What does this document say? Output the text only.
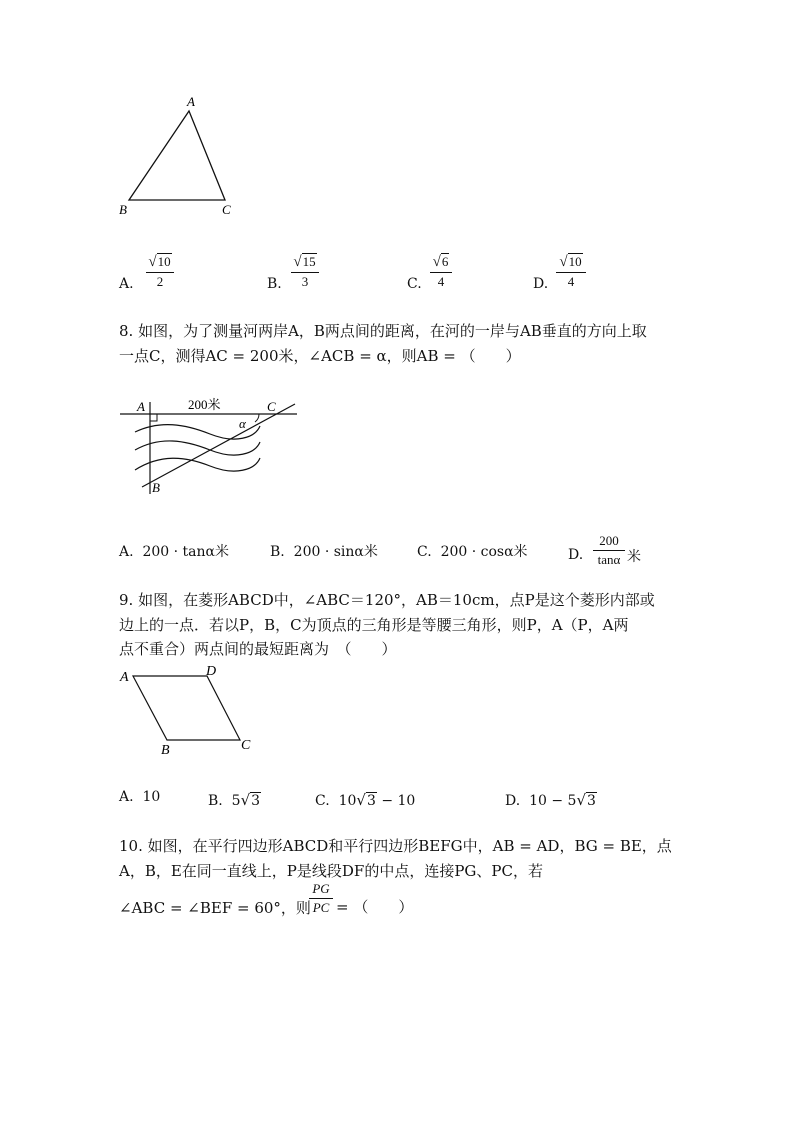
A
B	C
A.
√10
2	B.
√15
3	C.
√6
4	D.
√10
4
8. 如图，为了测量河两岸A，B两点间的距离，在河的一岸与AB垂直的方向上取
一点C，测得AC = 200米，∠ACB = α，则AB = （　　）
A	200米	C
α
B
A. 200 · tanα米	B. 200 · sinα米	C. 200 · cosα米	D.
200
tanα 米
9. 如图，在菱形ABCD中，∠ABC＝120°，AB＝10cm，点P是这个菱形内部或
边上的一点．若以P，B，C为顶点的三角形是等腰三角形，则P，A（P，A两
点不重合）两点间的最短距离为　（　　）
A	D
B	C
A. 10	B. 5√3	C. 10√3 − 10	D. 10 − 5√3
10. 如图，在平行四边形ABCD和平行四边形BEFG中，AB = AD，BG = BE，点
A，B，E在同一直线上，P是线段DF的中点，连接PG、PC，若
∠ABC = ∠BEF = 60°，则
PG
PC = （　　）
